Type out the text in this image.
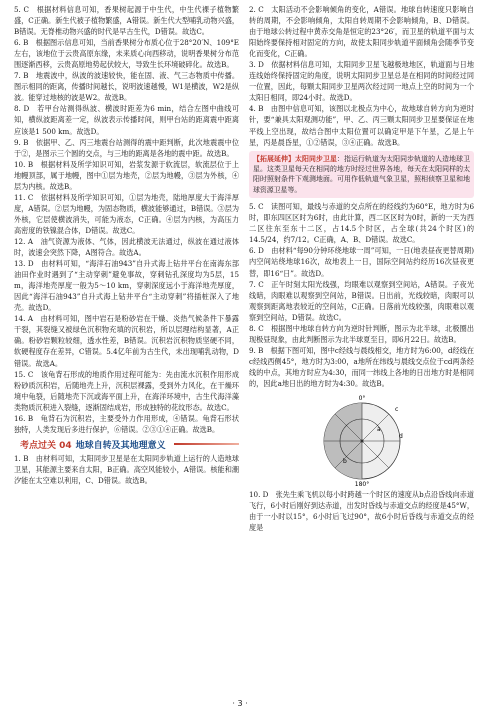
5. C　根据材料信息可知，香果树起源于中生代，中生代裸子植物繁盛，C正确。新生代被子植物繁盛，A错误。新生代大型哺乳动物兴盛，B错误。无脊椎动物兴盛的时代是早古生代，D错误。故选C。

6. B　根据图示信息可知，当前香果树分布质心位于28°20′N、109°E左右，该地位于云贵高原东缘，未来质心向西移动，说明香果树分布范围逐渐西移，云贵高原地势起伏较大，导致生长环境破碎化。故选B。

7. B　地震波中，纵波的波速较快，能在固、液、气三态物质中传播。图示相同的距离，传播时间越长，说明波速越慢，W1是横波，W2是纵波。能穿过地核的波是W2。故选B。

8. D　若甲台站测得纵波、横波时距差为6 min，结合左图中曲线可知，横纵波距离差一定，纵波表示传播时间，则甲台站的距离震中距离应该是1 500 km。故选D。

9. B　依据甲、乙、丙三地震台站测得的震中距判断，此次地震震中位于②，是图示三个圆的交点，与三地的距离是各地的震中距。故选B。

10. B　根据材料及所学知识可知，岩浆发源于软流层，软流层位于上地幔顶部，属于地幔，图中①层为地壳，②层为地幔，③层为外核，④层为内核。故选B。

11. C　依据材料及所学知识可知，①层为地壳，陆地厚度大于海洋厚度，A错误。②层为地幔，为固态物质，横波能够通过，B错误。③层为外核，它层使横波消失，可能为液态，C正确。④层为内核，为高压力高密度的铁镍混合体，D错误。故选C。

12. A　油气资源为液体、气体，因此横波无法通过，纵波在通过液体时，波速会突然下降，A图符合。故选A。

13. D　由材料可知，“海洋石油943”自升式海上钻井平台在南海东部油田作业时遇到了“主动穿刺”避免事故，穿刺钻孔深度均为5层，15 m，海洋地壳厚度一般为5～10 km，穿刺深度远小于海洋地壳厚度，因此“海洋石油943”自升式海上钻井平台“主动穿刺”将插桩深入了地壳。故选D。

14. A　由材料可知，图中岩石是粉砂岩在干燥、炎热气候条件下暴露干裂，其裂缝又被绿色沉积物充填的沉积岩，所以层理结构显著，A正确。粉砂岩颗粒较细，透水性差，B错误。沉积岩沉积物质坚硬不同，软硬程度存在差异，C错误。5.4亿年前为古生代，未出现哺乳动物，D错误。故选A。

15. C　该龟背石形成的地质作用过程可能为：先由流水沉积作用形成粉砂质沉积岩，后随地壳上升，沉积层裸露，受到外力风化，在干燥环境中龟裂，后随地壳下沉或海平面上升，在海洋环境中，古生代海洋藻类物质沉积进入裂缝，逐渐固结成岩，形成独特的花纹形态。故选C。

16. B　龟背石为沉积岩，主要受外力作用形成，④错误。龟背石形状独特，人类发现后多进行保护，⑥错误。②③①④正确。故选B。

考点过关 04 地球自转及其地理意义

1. B　由材料可知，太阳同步卫星是在太阳同步轨道上运行的人造地球卫星，其能源主要来自太阳，B正确。高空风能较小，A错误。核能和潮汐能在太空难以利用，C、D错误。故选B。

2. C　太阳活动不会影响倾角的变化，A错误。地球自转速度只影响自转的周期，不会影响倾角，太阳自转周期不会影响倾角，B、D错误。由于地球公转过程中黄赤交角是恒定的23°26′，而卫星的轨道平面与太阳始终要保持相对固定的方向，故使太阳同步轨道平面倾角会随季节变化而变化，C正确。

3. D　依据材料信息可知，太阳同步卫星飞越极地地区，轨道面与日地连线始终保持固定的角度，说明太阳同步卫星总是在相同的时间经过同一位置，因此，每颗太阳同步卫星两次经过同一地点上空的时间为一个太阳日相同，即24小时。故选D。

4. B　由图中信息可知，该图以北极点为中心，故地球自转方向为逆时针，要“兼具太阳观测功能”，甲、乙、丙三颗太阳同步卫星要保证在地平线上空出现，故结合图中太阳位置可以确定甲是下午星，乙是上午星，丙是晨昏星，①②错误，③④正确。故选B。

【拓展延伸】太阳同步卫星：指运行轨道为太阳同步轨道的人造地球卫星。这类卫星每天在相同的地方时经过世界各地，每天在太阳同样的太阳时照射条件下观测地面。可用作低轨道气象卫星，照相侦察卫星和地球资源卫星等。

5. C　读图可知，最线与赤道的交点所在的经线约为60°E，地方时为6时，即东四区区时为6时，由此计算，西二区区时为0时，新的一天为西二区往东至东十二区，占14.5个时区，占全球(共24个时区)的14.5/24，约7/12。C正确，A、B、D错误。故选C。

6. D　由材料“每90分钟环绕地球一周”可知，一日(地表昼夜更替周期)内空间站绕地球16次，故地表上一日，国际空间站约经历16次昼夜更替，即16“日”。故选D。

7. C　正午时刻太阳光线强，均眼难以观察到空间站，A错误。子夜光线暗，肉眼难以观察到空间站，B错误。日出前，光线较暗，肉眼可以观察到距离地表较近的空间站，C正确。日落前光线较强，肉眼难以观察到空间站，D错误。故选C。

8. C　根据图中地球自转方向为逆时针判断，图示为北半球，北极圈出现极昼现象，由此判断图示为北半球夏至日，即6月22日。故选B。

9. B　根据下图可知，图中c经线与晨线相交，地方时为6:00，d经线在c经线西侧45°，地方时为3:00，a地所在纬线与晨线交点位于cd两条经线的中点，其地方时应为4:30，而同一纬线上各地的日出地方时是相同的，因此a地日出的地方时为4:30。故选B。

0°
c
d
a
b
180°

10. D　张先生乘飞机以每小时跨越一个时区的速度从b点沿昏线向赤道飞行，6小时后刚好到达赤道，出发时昏线与赤道交点的经度是45°W，由于一小时以15°，6小时后飞过90°，故6小时后昏线与赤道交点的经度是

· 3 ·
